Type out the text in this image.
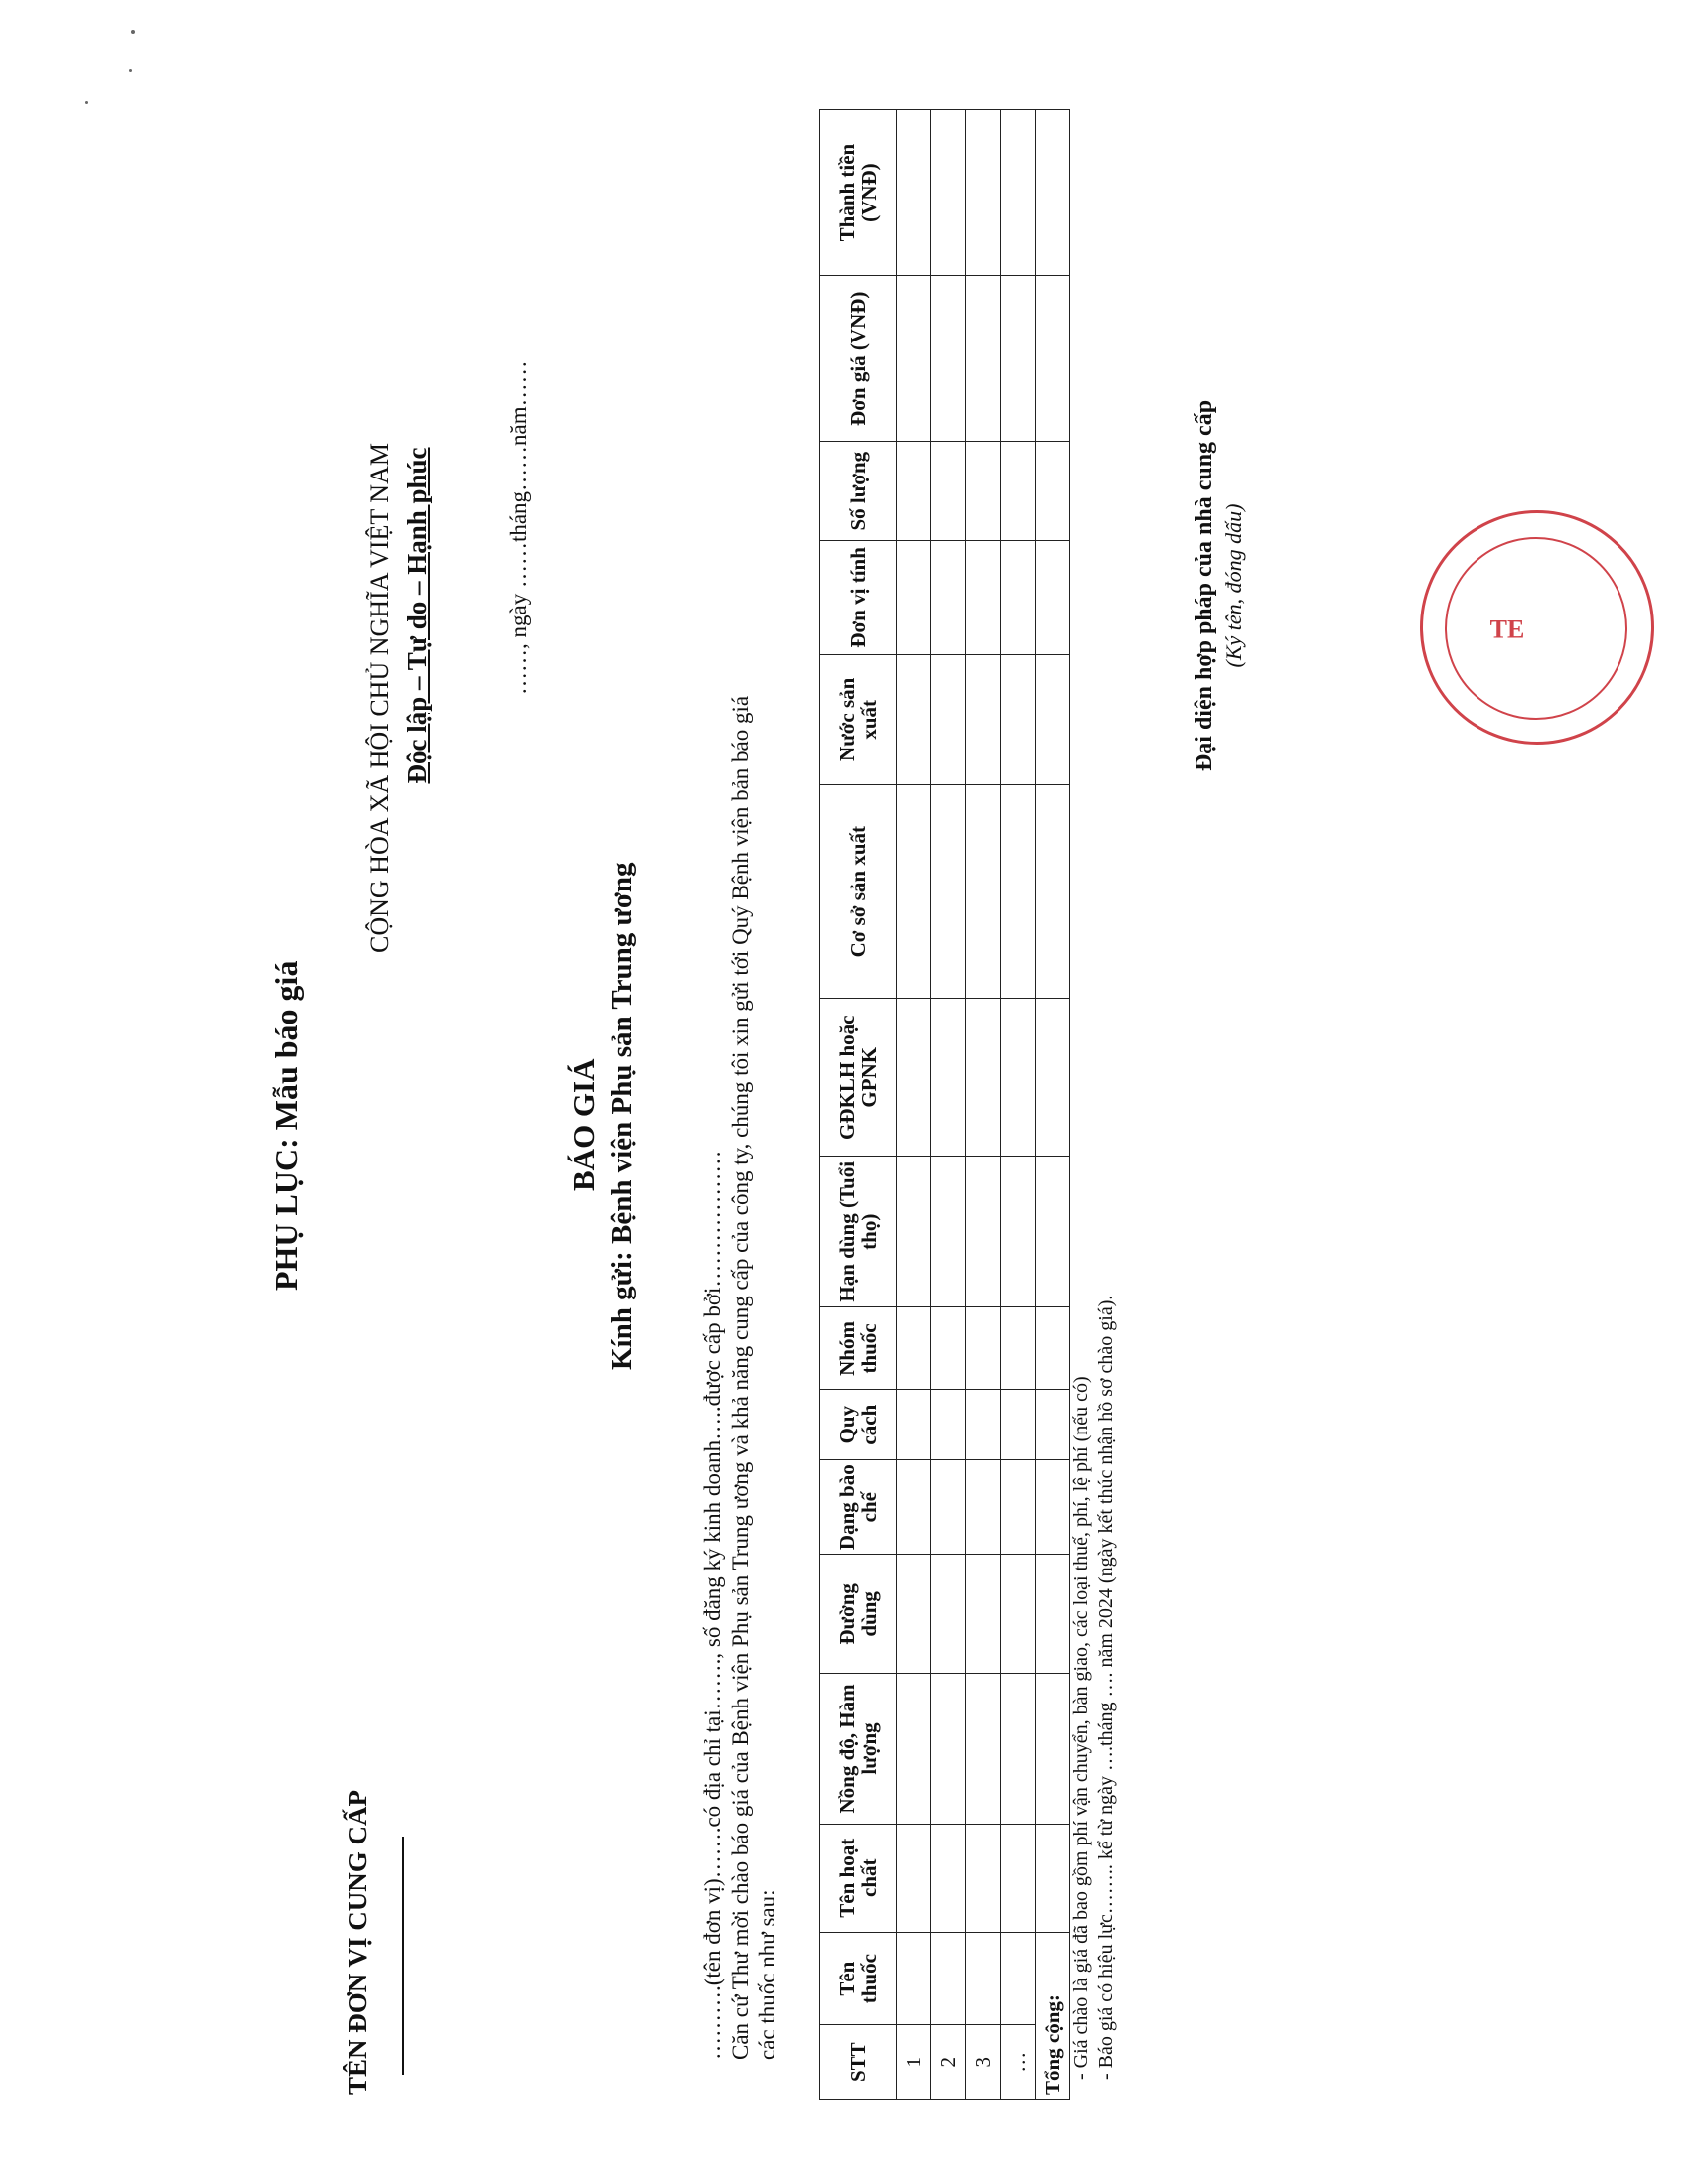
PHỤ LỤC: Mẫu báo giá
TÊN ĐƠN VỊ CUNG CẤP
CỘNG HÒA XÃ HỘI CHỦ NGHĨA VIỆT NAM Độc lập – Tự do – Hạnh phúc	……, ngày ……tháng……năm……
BÁO GIÁ Kính gửi: Bệnh viện Phụ sản Trung ương
……….(tên đơn vị)…….có địa chỉ tại……., số đăng ký kinh doanh…..được cấp bởi……………… Căn cứ Thư mời chào báo giá của Bệnh viện Phụ sản Trung ương và khả năng cung cấp của công ty, chúng tôi xin gửi tới Quý Bệnh viện bản báo giá các thuốc như sau:
STT	Tên thuốc	Tên hoạt chất	Nồng độ, Hàm lượng	Đường dùng	Dạng bào chế	Quy cách	Nhóm thuốc	Hạn dùng (Tuổi thọ)	GĐKLH hoặc GPNK	Cơ sở sản xuất	Nước sản xuất	Đơn vị tính	Số lượng	Đơn giá (VNĐ)	Thành tiền (VNĐ)
1															
2															
3															
…															
Tổng cộng:															- Giá chào là giá đã bao gồm phí vận chuyển, bàn giao, các loại thuế, phí, lệ phí (nếu có) - Báo giá có hiệu lực…….. kể từ ngày ….tháng …. năm 2024 (ngày kết thúc nhận hồ sơ chào giá).
Đại diện hợp pháp của nhà cung cấp (Ký tên, đóng dấu)	TE
